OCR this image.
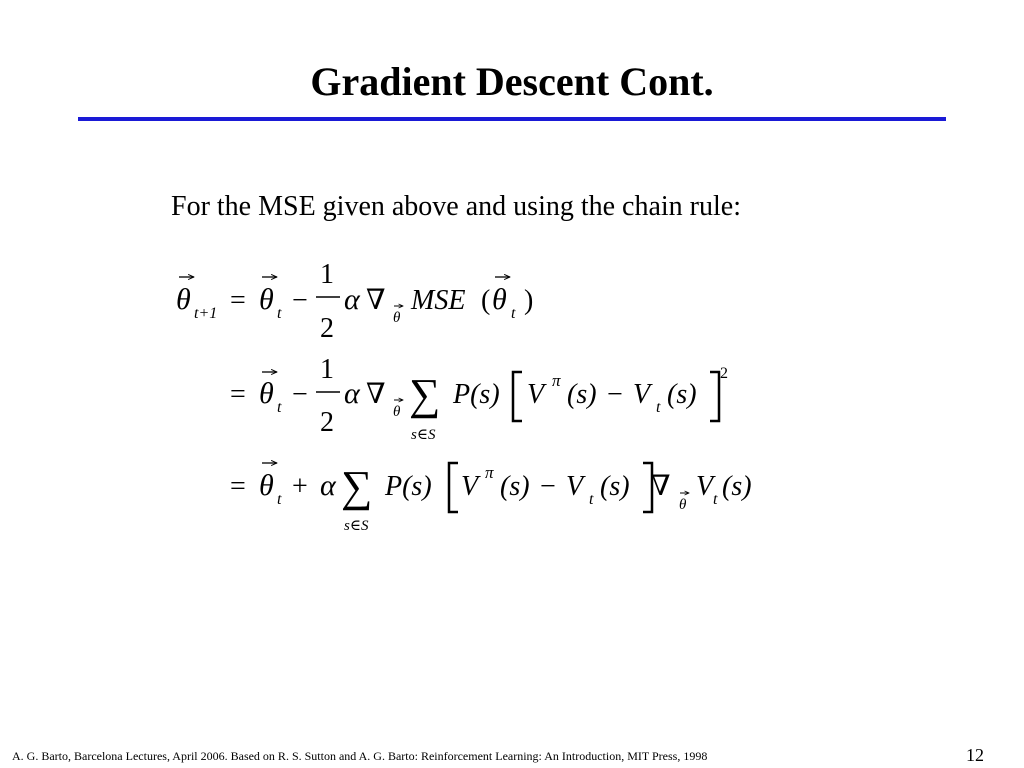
Gradient Descent Cont.
For the MSE given above and using the chain rule:
θ t+1 = θ t −
1
2
α ∇
θ
MSE ( θ t )
= θ t −
1
2
α ∇
θ ∑
s∈S
P(s) V π (s) − V t (s)
2
= θ t + α ∑
s∈S
P(s) V π (s) − V t (s) ∇
θ
V t (s)
A. G. Barto, Barcelona Lectures, April 2006. Based on R. S. Sutton and A. G. Barto: Reinforcement Learning: An Introduction, MIT Press, 1998	12
